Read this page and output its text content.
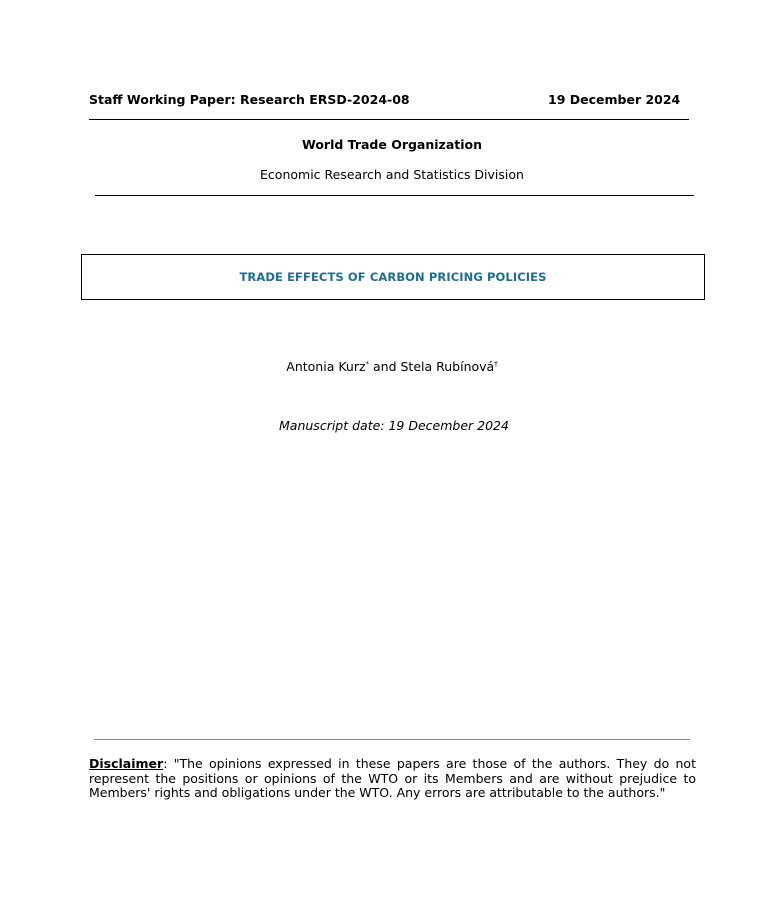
Staff Working Paper: Research ERSD-2024-08	19 December 2024
World Trade Organization
Economic Research and Statistics Division
TRADE EFFECTS OF CARBON PRICING POLICIES
Antonia Kurz* and Stela Rubínová†
Manuscript date: 19 December 2024
Disclaimer: "The opinions expressed in these papers are those of the authors. They do not represent the positions or opinions of the WTO or its Members and are without prejudice to Members' rights and obligations under the WTO. Any errors are attributable to the authors."
